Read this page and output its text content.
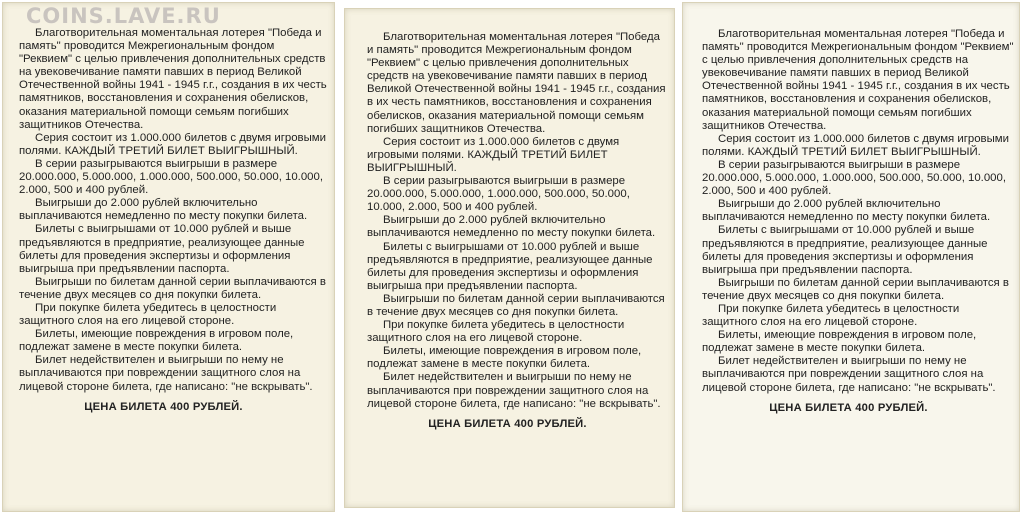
COINS.LAVE.RU

Благотворительная моментальная лотерея "Победа и память" проводится Межрегиональным фондом "Реквием" с целью привлечения дополнительных средств на увековечивание памяти павших в период Великой Отечественной войны 1941 - 1945 г.г., создания в их честь памятников, восстановления и сохранения обелисков, оказания материальной помощи семьям погибших защитников Отечества.

Серия состоит из 1.000.000 билетов с двумя игровыми полями. КАЖДЫЙ ТРЕТИЙ БИЛЕТ ВЫИГРЫШНЫЙ.

В серии разыгрываются выигрыши в размере 20.000.000, 5.000.000, 1.000.000, 500.000, 50.000, 10.000, 2.000, 500 и 400 рублей.

Выигрыши до 2.000 рублей включительно выплачиваются немедленно по месту покупки билета.

Билеты с выигрышами от 10.000 рублей и выше предъявляются в предприятие, реализующее данные билеты для проведения экспертизы и оформления выигрыша при предъявлении паспорта.

Выигрыши по билетам данной серии выплачиваются в течение двух месяцев со дня покупки билета.

При покупке билета убедитесь в целостности защитного слоя на его лицевой стороне.

Билеты, имеющие повреждения в игровом поле, подлежат замене в месте покупки билета.

Билет недействителен и выигрыши по нему не выплачиваются при повреждении защитного слоя на лицевой стороне билета, где написано: "не вскрывать".

ЦЕНА БИЛЕТА 400 РУБЛЕЙ.

Благотворительная моментальная лотерея "Победа и память" проводится Межрегиональным фондом "Реквием" с целью привлечения дополнительных средств на увековечивание памяти павших в период Великой Отечественной войны 1941 - 1945 г.г., создания в их честь памятников, восстановления и сохранения обелисков, оказания материальной помощи семьям погибших защитников Отечества.

Серия состоит из 1.000.000 билетов с двумя игровыми полями. КАЖДЫЙ ТРЕТИЙ БИЛЕТ ВЫИГРЫШНЫЙ.

В серии разыгрываются выигрыши в размере 20.000.000, 5.000.000, 1.000.000, 500.000, 50.000, 10.000, 2.000, 500 и 400 рублей.

Выигрыши до 2.000 рублей включительно выплачиваются немедленно по месту покупки билета.

Билеты с выигрышами от 10.000 рублей и выше предъявляются в предприятие, реализующее данные билеты для проведения экспертизы и оформления выигрыша при предъявлении паспорта.

Выигрыши по билетам данной серии выплачиваются в течение двух месяцев со дня покупки билета.

При покупке билета убедитесь в целостности защитного слоя на его лицевой стороне.

Билеты, имеющие повреждения в игровом поле, подлежат замене в месте покупки билета.

Билет недействителен и выигрыши по нему не выплачиваются при повреждении защитного слоя на лицевой стороне билета, где написано: "не вскрывать".

ЦЕНА БИЛЕТА 400 РУБЛЕЙ.

Благотворительная моментальная лотерея "Победа и память" проводится Межрегиональным фондом "Реквием" с целью привлечения дополнительных средств на увековечивание памяти павших в период Великой Отечественной войны 1941 - 1945 г.г., создания в их честь памятников, восстановления и сохранения обелисков, оказания материальной помощи семьям погибших защитников Отечества.

Серия состоит из 1.000.000 билетов с двумя игровыми полями. КАЖДЫЙ ТРЕТИЙ БИЛЕТ ВЫИГРЫШНЫЙ.

В серии разыгрываются выигрыши в размере 20.000.000, 5.000.000, 1.000.000, 500.000, 50.000, 10.000, 2.000, 500 и 400 рублей.

Выигрыши до 2.000 рублей включительно выплачиваются немедленно по месту покупки билета.

Билеты с выигрышами от 10.000 рублей и выше предъявляются в предприятие, реализующее данные билеты для проведения экспертизы и оформления выигрыша при предъявлении паспорта.

Выигрыши по билетам данной серии выплачиваются в течение двух месяцев со дня покупки билета.

При покупке билета убедитесь в целостности защитного слоя на его лицевой стороне.

Билеты, имеющие повреждения в игровом поле, подлежат замене в месте покупки билета.

Билет недействителен и выигрыши по нему не выплачиваются при повреждении защитного слоя на лицевой стороне билета, где написано: "не вскрывать".

ЦЕНА БИЛЕТА 400 РУБЛЕЙ.
